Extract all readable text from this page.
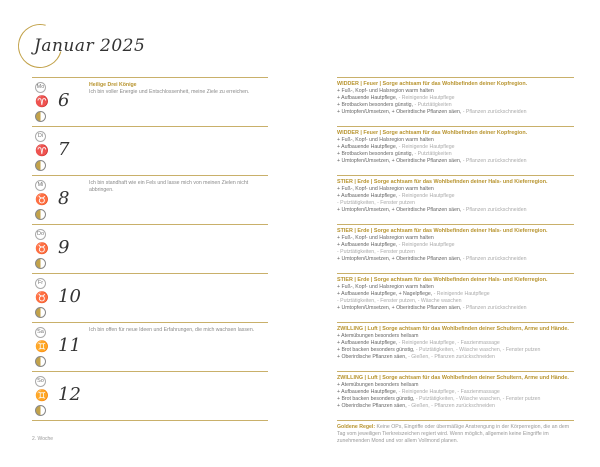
Januar 2025
Mo
♈ 6
Heilige Drei Könige
Ich bin voller Energie und Entschlossenheit, meine Ziele zu erreichen.
Di
♈ 7
Mi
♉ 8
Ich bin standhaft wie ein Fels und lasse mich von meinen Zielen nicht abbringen.
Do
♉ 9
Fr
♉ 10
Sa
♊ 11
Ich bin offen für neue Ideen und Erfahrungen, die mich wachsen lassen.
So
♊ 12
2. Woche
WIDDER | Feuer | Sorge achtsam für das Wohlbefinden deiner Kopfregion.
+ Fuß-, Kopf- und Halsregion warm halten
+ Aufbauende Hautpflege, - Reinigende Hautpflege
+ Brotbacken besonders günstig, - Putztätigkeiten
+ Umtopfen/Umsetzen, + Oberirdische Pflanzen säen, - Pflanzen zurückschneiden
WIDDER | Feuer | Sorge achtsam für das Wohlbefinden deiner Kopfregion.
+ Fuß-, Kopf- und Halsregion warm halten
+ Aufbauende Hautpflege, - Reinigende Hautpflege
+ Brotbacken besonders günstig, - Putztätigkeiten
+ Umtopfen/Umsetzen, + Oberirdische Pflanzen säen, - Pflanzen zurückschneiden
STIER | Erde | Sorge achtsam für das Wohlbefinden deiner Hals- und Kieferregion.
+ Fuß-, Kopf- und Halsregion warm halten
+ Aufbauende Hautpflege, - Reinigende Hautpflege
- Putztätigkeiten, - Fenster putzen
+ Umtopfen/Umsetzen, + Oberirdische Pflanzen säen, - Pflanzen zurückschneiden
STIER | Erde | Sorge achtsam für das Wohlbefinden deiner Hals- und Kieferregion.
+ Fuß-, Kopf- und Halsregion warm halten
+ Aufbauende Hautpflege, - Reinigende Hautpflege
- Putztätigkeiten, - Fenster putzen
+ Umtopfen/Umsetzen, + Oberirdische Pflanzen säen, - Pflanzen zurückschneiden
STIER | Erde | Sorge achtsam für das Wohlbefinden deiner Hals- und Kieferregion.
+ Fuß-, Kopf- und Halsregion warm halten
+ Aufbauende Hautpflege, + Nagelpflege, - Reinigende Hautpflege
- Putztätigkeiten, - Fenster putzen, - Wäsche waschen
+ Umtopfen/Umsetzen, + Oberirdische Pflanzen säen, - Pflanzen zurückschneiden
ZWILLING | Luft | Sorge achtsam für das Wohlbefinden deiner Schultern, Arme und Hände.
+ Atemübungen besonders heilsam
+ Aufbauende Hautpflege, - Reinigende Hautpflege, - Faszienmassage
+ Brot backen besonders günstig, - Putztätigkeiten, - Wäsche waschen, - Fenster putzen
+ Oberirdische Pflanzen säen, - Gießen, - Pflanzen zurückschneiden
ZWILLING | Luft | Sorge achtsam für das Wohlbefinden deiner Schultern, Arme und Hände.
+ Atemübungen besonders heilsam
+ Aufbauende Hautpflege, - Reinigende Hautpflege, - Faszienmassage
+ Brot backen besonders günstig, - Putztätigkeiten, - Wäsche waschen, - Fenster putzen
+ Oberirdische Pflanzen säen, - Gießen, - Pflanzen zurückschneiden
Goldene Regel: Keine OPs, Eingriffe oder übermäßige Anstrengung in der Körperregion, die an dem Tag vom jeweiligen Tierkreiszeichen regiert wird. Wenn möglich, allgemein keine Eingriffe im zunehmenden Mond und vor allem Vollmond planen.
